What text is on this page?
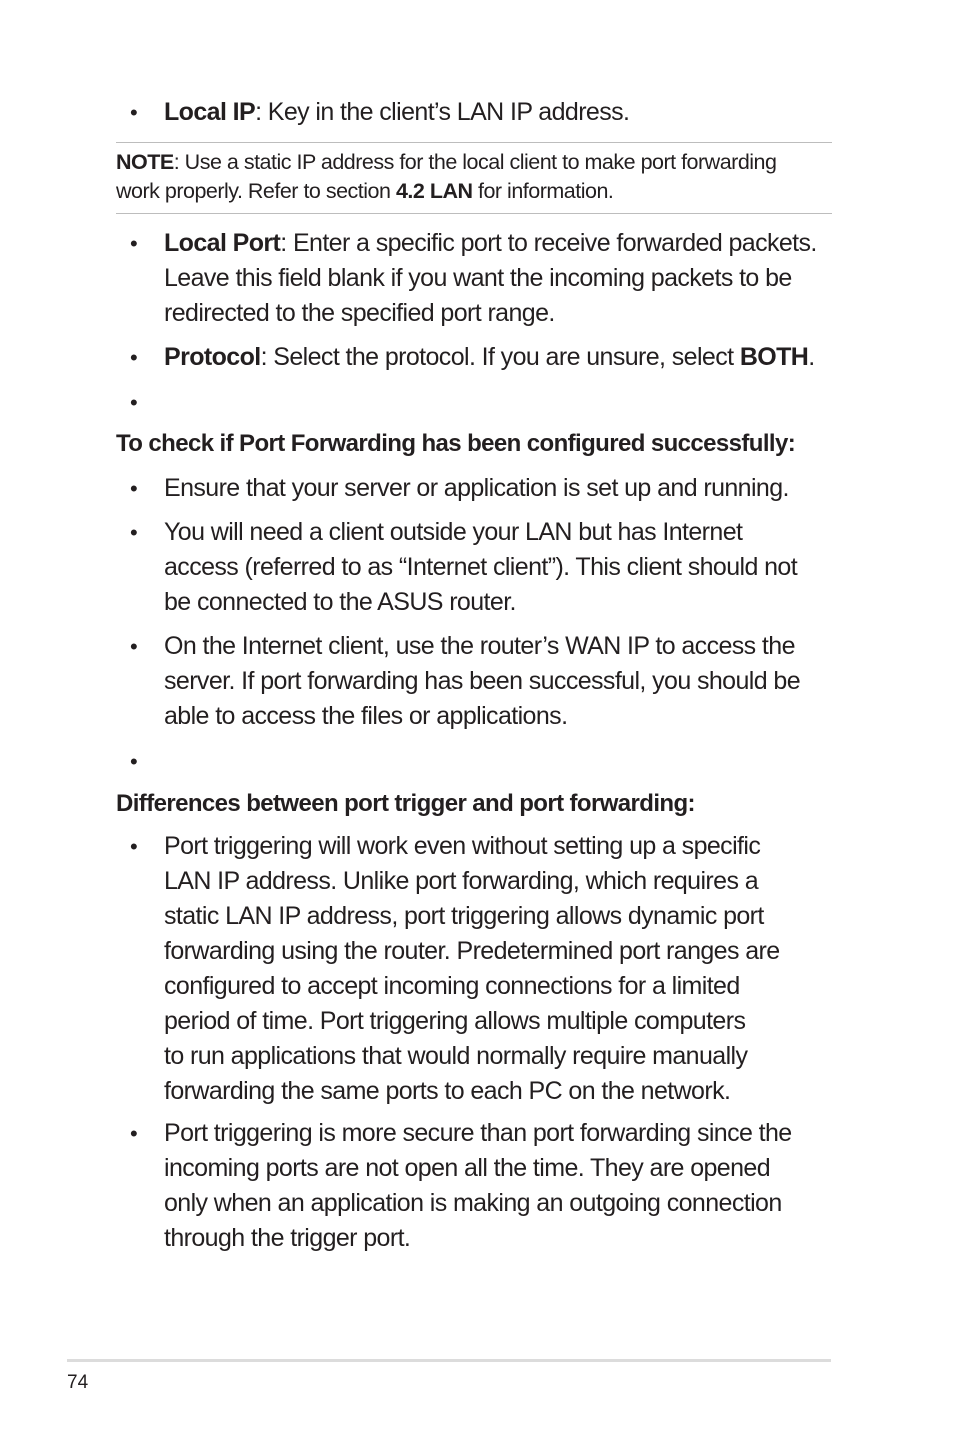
• Local IP: Key in the client’s LAN IP address.
NOTE: Use a static IP address for the local client to make port forwarding
work properly. Refer to section 4.2 LAN for information.
• Local Port: Enter a specific port to receive forwarded packets.
Leave this field blank if you want the incoming packets to be
redirected to the specified port range.
• Protocol: Select the protocol. If you are unsure, select BOTH.
•
To check if Port Forwarding has been configured successfully:
• Ensure that your server or application is set up and running.
• You will need a client outside your LAN but has Internet
access (referred to as “Internet client”). This client should not
be connected to the ASUS router.
• On the Internet client, use the router’s WAN IP to access the
server. If port forwarding has been successful, you should be
able to access the files or applications.
•
Differences between port trigger and port forwarding:
• Port triggering will work even without setting up a specific
LAN IP address. Unlike port forwarding, which requires a
static LAN IP address, port triggering allows dynamic port
forwarding using the router. Predetermined port ranges are
configured to accept incoming connections for a limited
period of time. Port triggering allows multiple computers
to run applications that would normally require manually
forwarding the same ports to each PC on the network.
• Port triggering is more secure than port forwarding since the
incoming ports are not open all the time. They are opened
only when an application is making an outgoing connection
through the trigger port.
74
